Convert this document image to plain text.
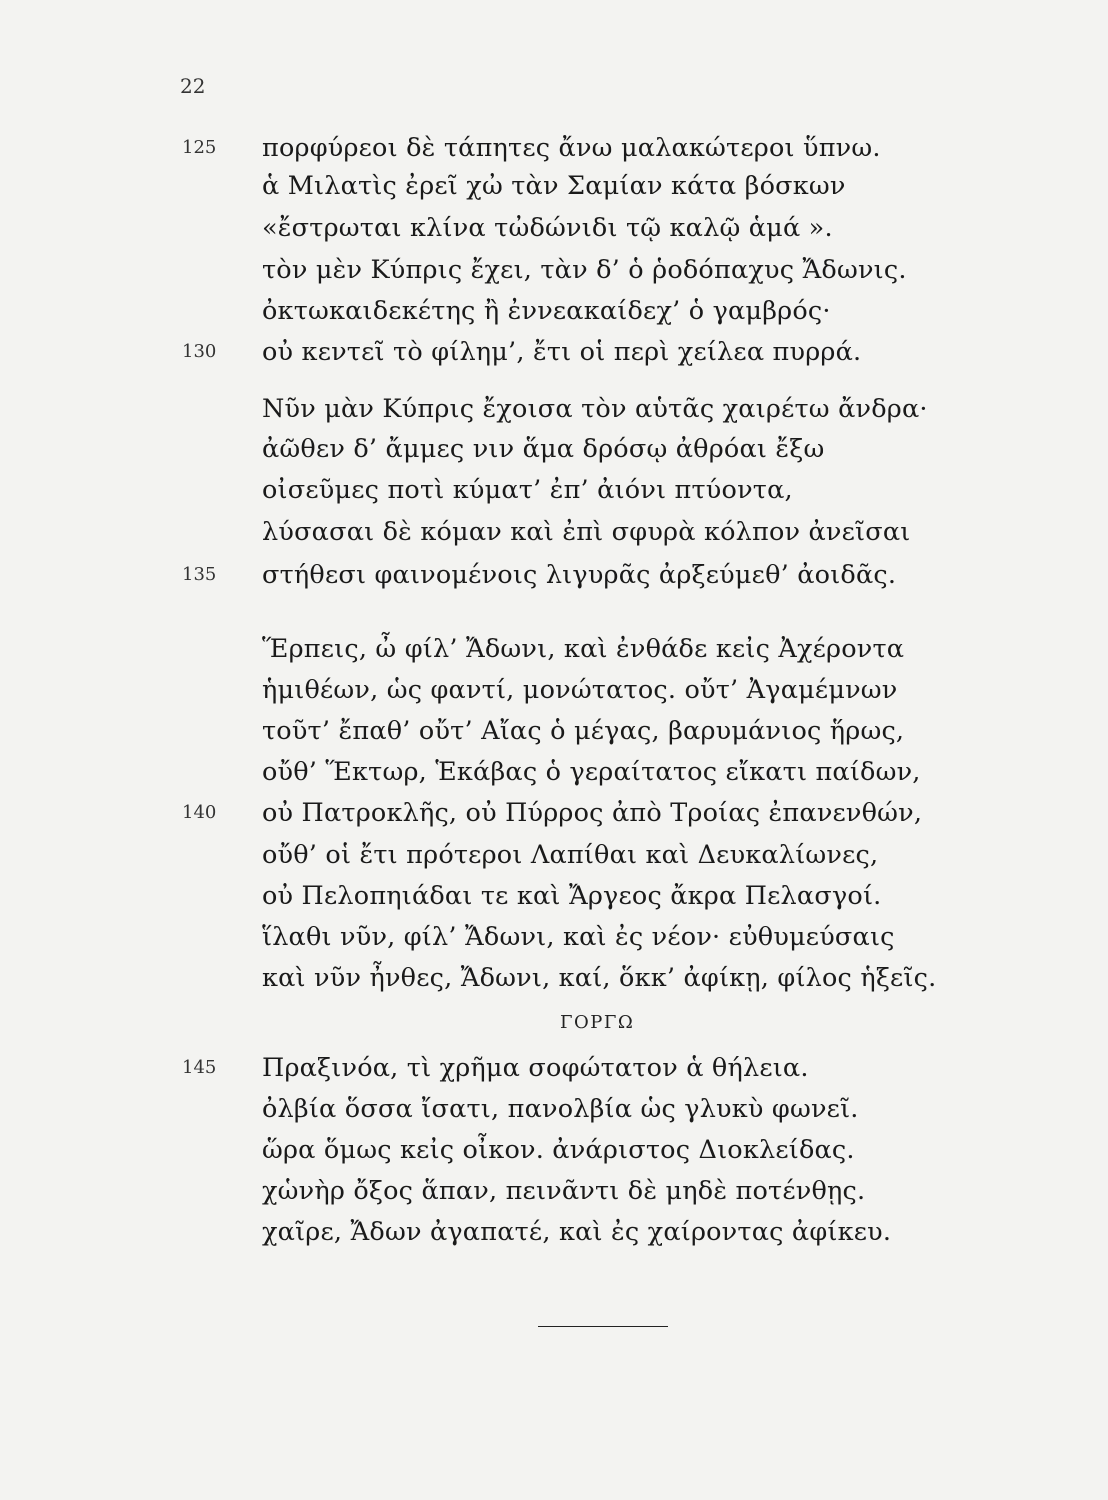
22
125 πορφύρεοι δὲ τάπητες ἄνω μαλακώτεροι ὕπνω.
ἁ Μιλατὶς ἐρεῖ χὠ τὰν Σαμίαν κάτα βόσκων
«ἔστρωται κλίνα τὠδώνιδι τῷ καλῷ ἁμά ».
τὸν μὲν Κύπρις ἔχει, τὰν δ’ ὁ ῥοδόπαχυς Ἄδωνις.
ὀκτωκαιδεκέτης ἢ ἐννεακαίδεχ’ ὁ γαμβρός·
130 οὐ κεντεῖ τὸ φίλημ’, ἔτι οἱ περὶ χείλεα πυρρά.
Νῦν μὰν Κύπρις ἔχοισα τὸν αὑτᾶς χαιρέτω ἄνδρα·
ἀῶθεν δ’ ἄμμες νιν ἅμα δρόσῳ ἀθρόαι ἔξω
οἰσεῦμες ποτὶ κύματ’ ἐπ’ ἀιόνι πτύοντα,
λύσασαι δὲ κόμαν καὶ ἐπὶ σφυρὰ κόλπον ἀνεῖσαι
135 στήθεσι φαινομένοις λιγυρᾶς ἀρξεύμεθ’ ἀοιδᾶς.
Ἕρπεις, ὦ φίλ’ Ἄδωνι, καὶ ἐνθάδε κεἰς Ἀχέροντα
ἡμιθέων, ὡς φαντί, μονώτατος. οὔτ’ Ἀγαμέμνων
τοῦτ’ ἔπαθ’ οὔτ’ Αἴας ὁ μέγας, βαρυμάνιος ἥρως,
οὔθ’ Ἕκτωρ, Ἑκάβας ὁ γεραίτατος εἴκατι παίδων,
140 οὐ Πατροκλῆς, οὐ Πύρρος ἀπὸ Τροίας ἐπανενθών,
οὔθ’ οἱ ἔτι πρότεροι Λαπίθαι καὶ Δευκαλίωνες,
οὐ Πελοπηιάδαι τε καὶ Ἄργεος ἄκρα Πελασγοί.
ἵλαθι νῦν, φίλ’ Ἄδωνι, καὶ ἐς νέον· εὐθυμεύσαις
καὶ νῦν ἦνθες, Ἄδωνι, καί, ὅκκ’ ἀφίκῃ, φίλος ἡξεῖς.
ΓΟΡΓΩ
145 Πραξινόα, τὶ χρῆμα σοφώτατον ἁ θήλεια.
ὀλβία ὅσσα ἴσατι, πανολβία ὡς γλυκὺ φωνεῖ.
ὥρα ὅμως κεἰς οἶκον. ἀνάριστος Διοκλείδας.
χὡνὴρ ὄξος ἅπαν, πεινᾶντι δὲ μηδὲ ποτένθῃς.
χαῖρε, Ἄδων ἀγαπατέ, καὶ ἐς χαίροντας ἀφίκευ.
